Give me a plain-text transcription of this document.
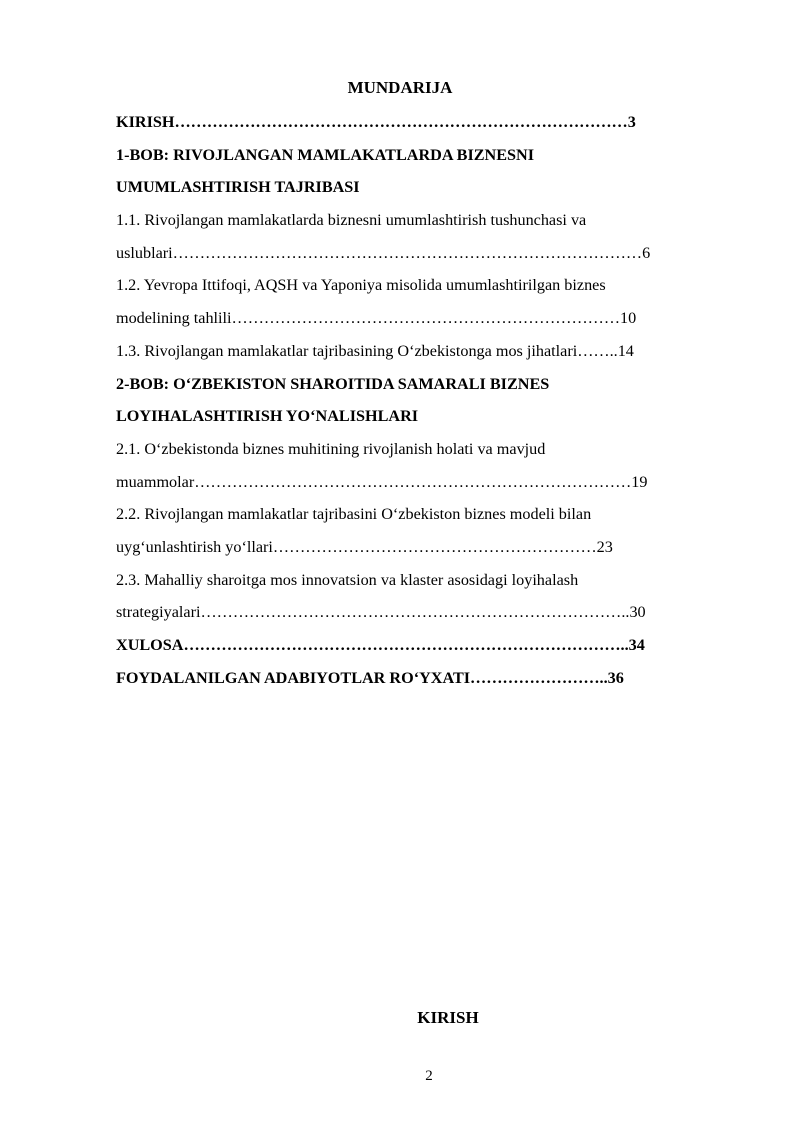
MUNDARIJA
KIRISH…………………………………………………………………………3
1-BOB: RIVOJLANGAN MAMLAKATLARDA BIZNESNI
UMUMLASHTIRISH TAJRIBASI
1.1. Rivojlangan mamlakatlarda biznesni umumlashtirish tushunchasi va
uslublari……………………………………………………………………………6
1.2. Yevropa Ittifoqi, AQSH va Yaponiya misolida umumlashtirilgan biznes
modelining tahlili………………………………………………………………10
1.3. Rivojlangan mamlakatlar tajribasining O‘zbekistonga mos jihatlari……..14
2-BOB: O‘ZBEKISTON SHAROITIDA SAMARALI BIZNES
LOYIHALASHTIRISH YO‘NALISHLARI
2.1. O‘zbekistonda biznes muhitining rivojlanish holati va mavjud
muammolar………………………………………………………………………19
2.2. Rivojlangan mamlakatlar tajribasini O‘zbekiston biznes modeli bilan
uyg‘unlashtirish yo‘llari……………………………………………………23
2.3. Mahalliy sharoitga mos innovatsion va klaster asosidagi loyihalash
strategiyalari……………………………………………………………………..30
XULOSA………………………………………………………………………..34
FOYDALANILGAN ADABIYOTLAR RO‘YXATI……………………..36
KIRISH
2
